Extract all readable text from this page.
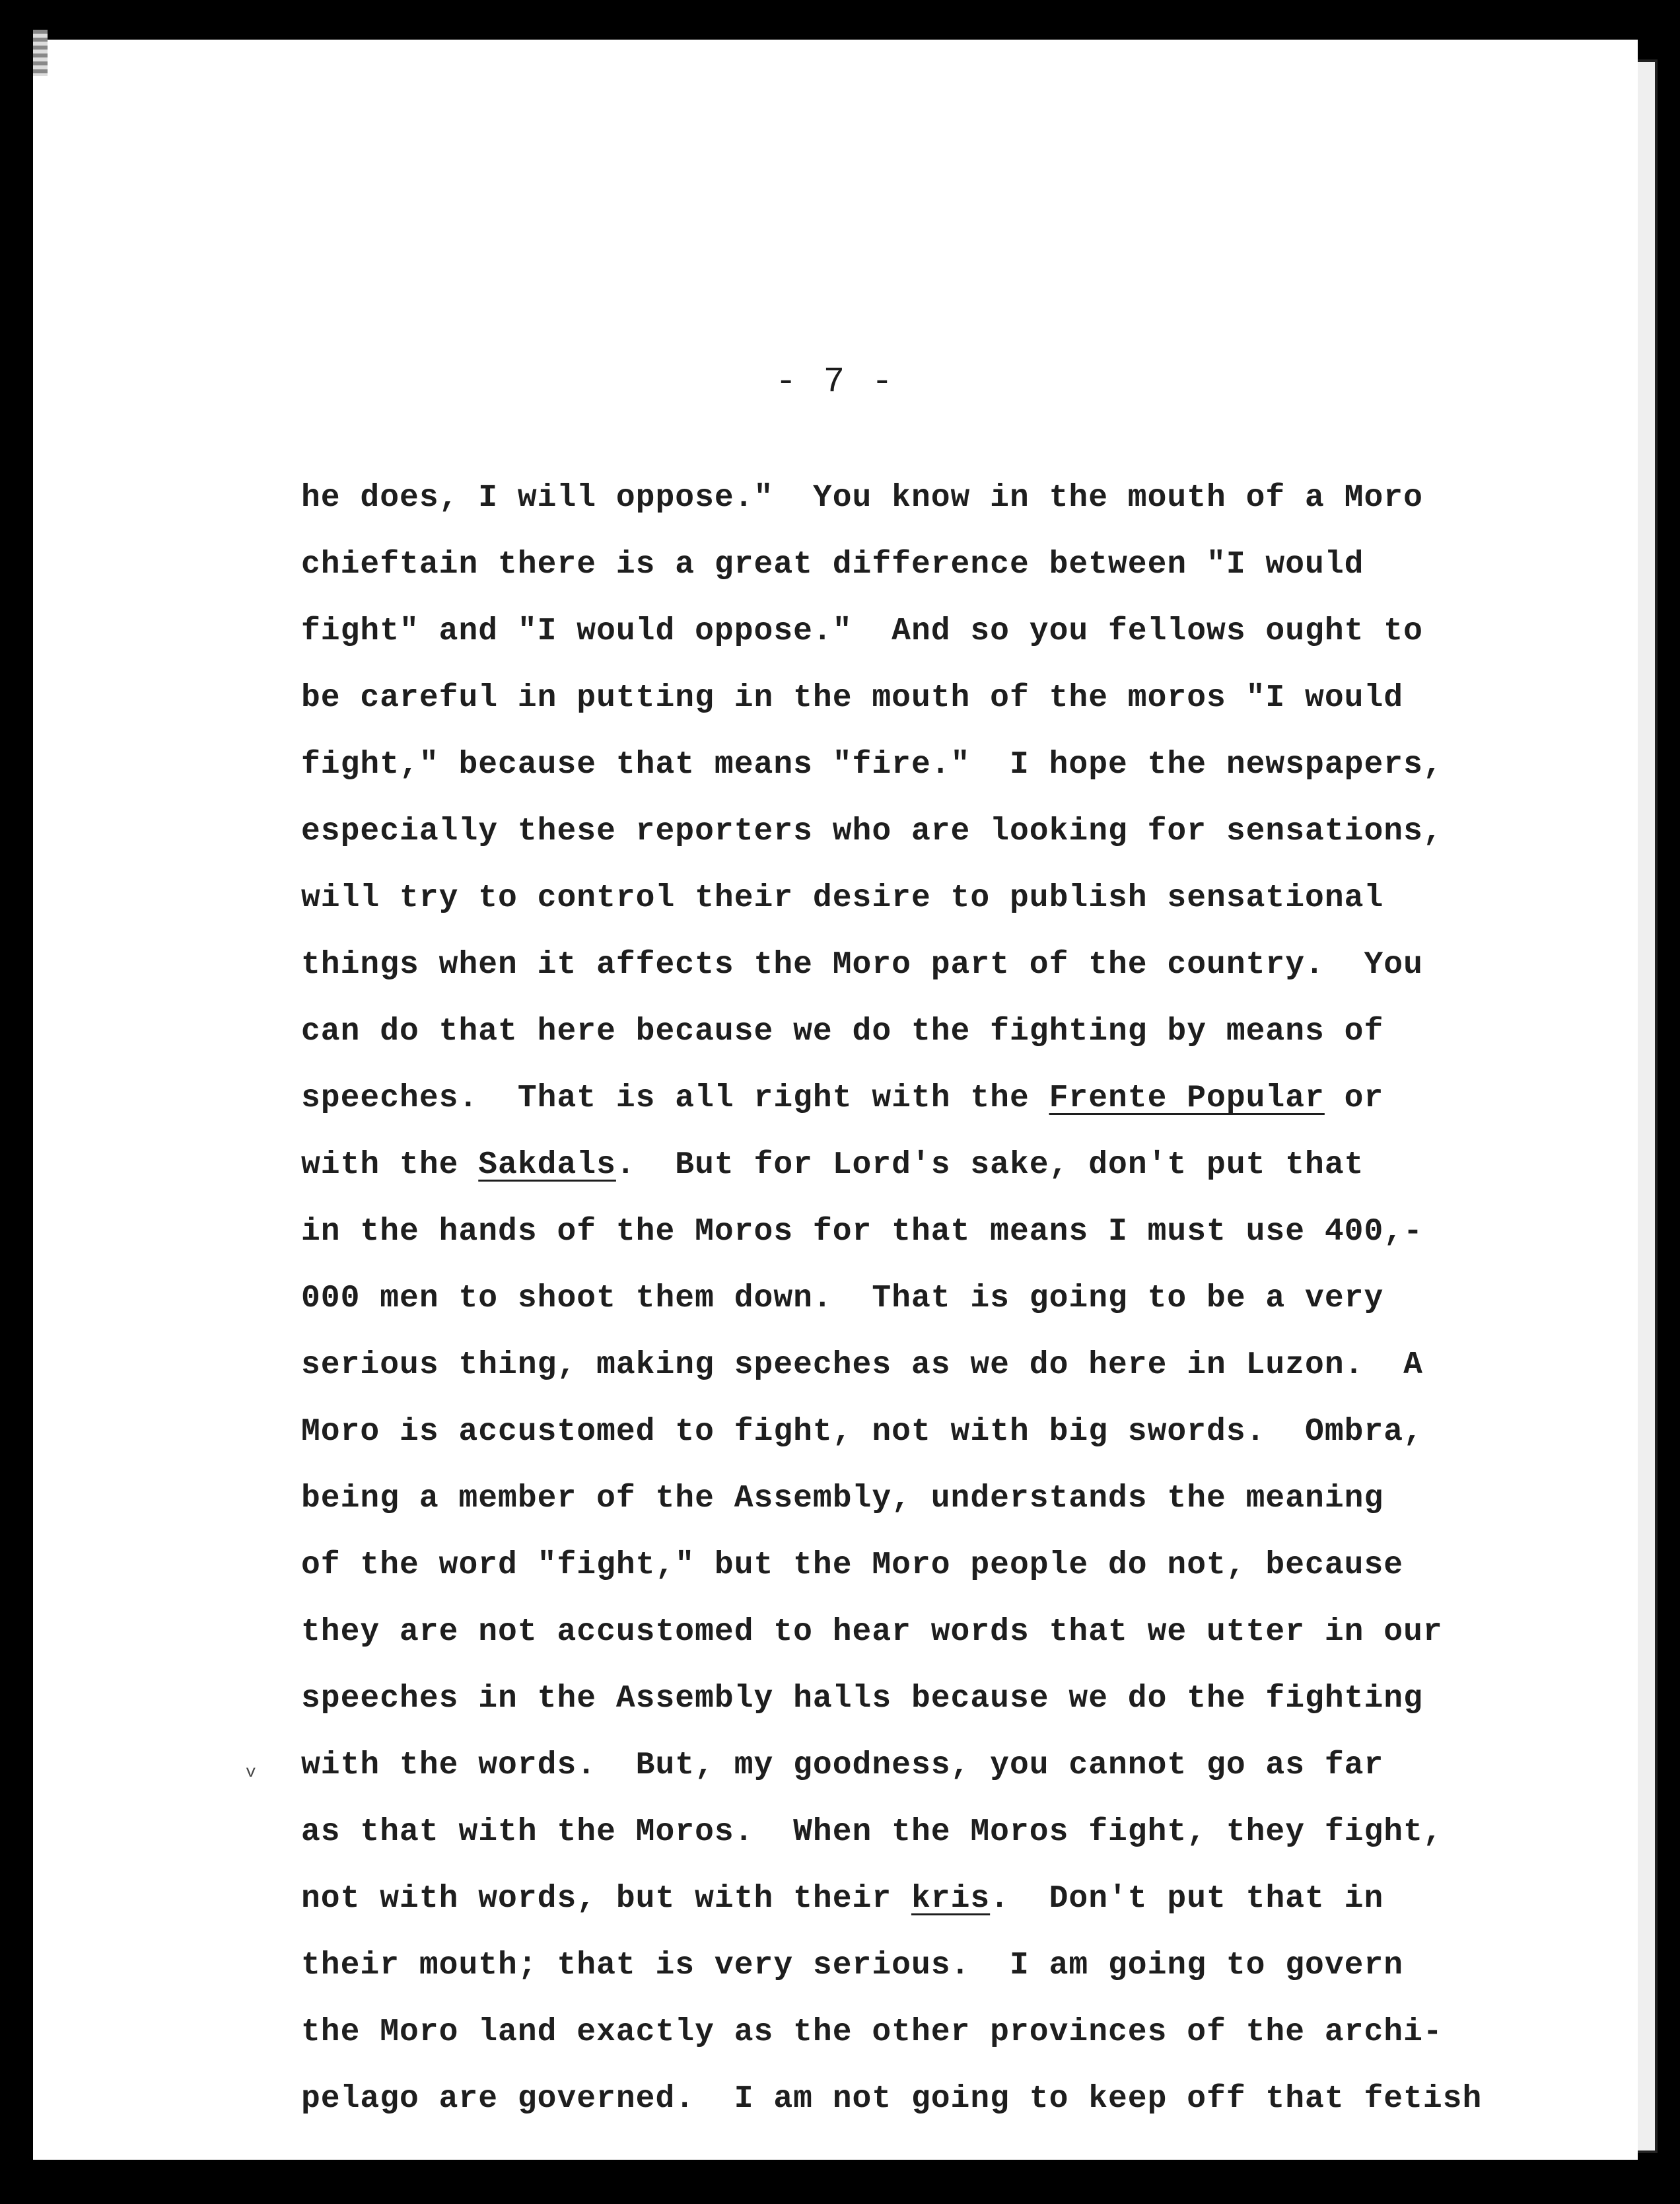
- 7 -
he does, I will oppose."  You know in the mouth of a Moro
chieftain there is a great difference between "I would
fight" and "I would oppose."  And so you fellows ought to
be careful in putting in the mouth of the moros "I would
fight," because that means "fire."  I hope the newspapers,
especially these reporters who are looking for sensations,
will try to control their desire to publish sensational
things when it affects the Moro part of the country.  You
can do that here because we do the fighting by means of
speeches.  That is all right with the Frente Popular or
with the Sakdals.  But for Lord's sake, don't put that
in the hands of the Moros for that means I must use 400,-
000 men to shoot them down.  That is going to be a very
serious thing, making speeches as we do here in Luzon.  A
Moro is accustomed to fight, not with big swords.  Ombra,
being a member of the Assembly, understands the meaning
of the word "fight," but the Moro people do not, because
they are not accustomed to hear words that we utter in our
speeches in the Assembly halls because we do the fighting
with the words.  But, my goodness, you cannot go as far
as that with the Moros.  When the Moros fight, they fight,
not with words, but with their kris.  Don't put that in
their mouth; that is very serious.  I am going to govern
the Moro land exactly as the other provinces of the archi-
pelago are governed.  I am not going to keep off that fetish
v
